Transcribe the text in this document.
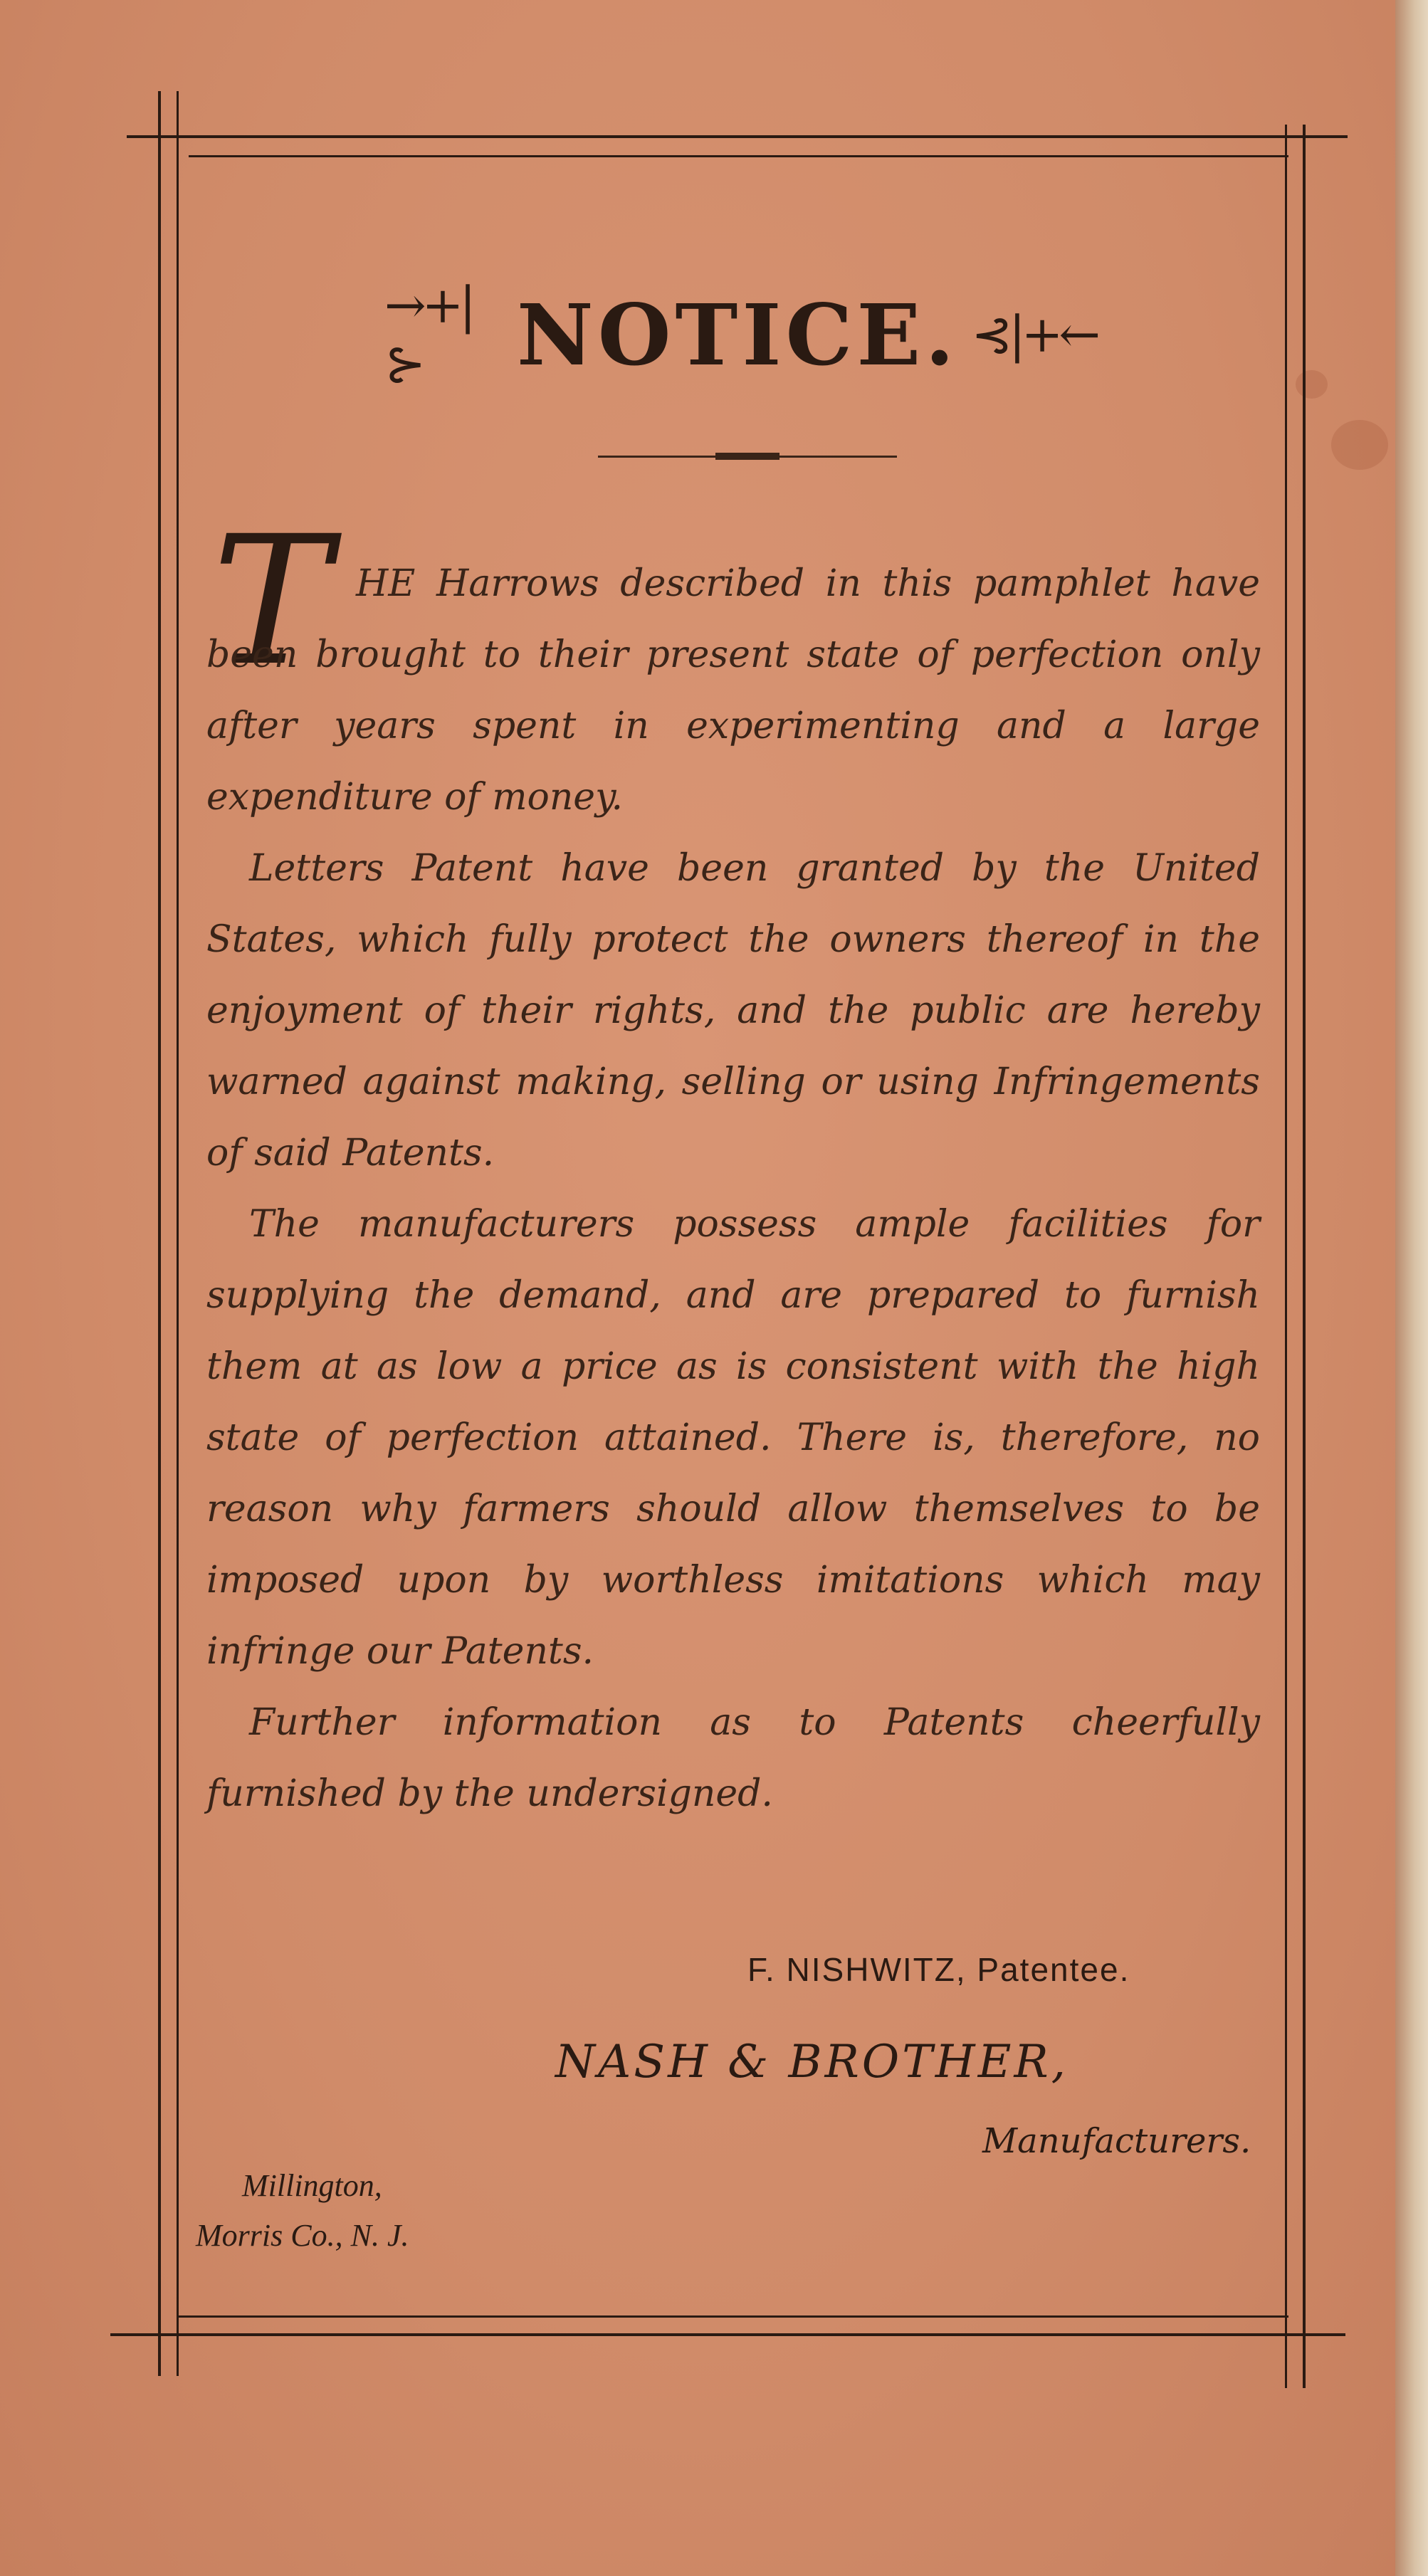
→+|⊱	NOTICE. ⊰|+←
T HE Harrows described in this pamphlet have been brought to their present state of perfection only after years spent in experimenting and a large expenditure of money.

Letters Patent have been granted by the United States, which fully protect the owners thereof in the enjoyment of their rights, and the public are hereby warned against making, selling or using Infringements of said Patents.

The manufacturers possess ample facilities for supplying the demand, and are prepared to furnish them at as low a price as is consistent with the high state of perfection attained. There is, therefore, no reason why farmers should allow themselves to be imposed upon by worthless imitations which may infringe our Patents.

Further information as to Patents cheerfully furnished by the undersigned.

F. NISHWITZ, Patentee.
NASH & BROTHER,
Manufacturers.
Millington,
Morris Co., N. J.
